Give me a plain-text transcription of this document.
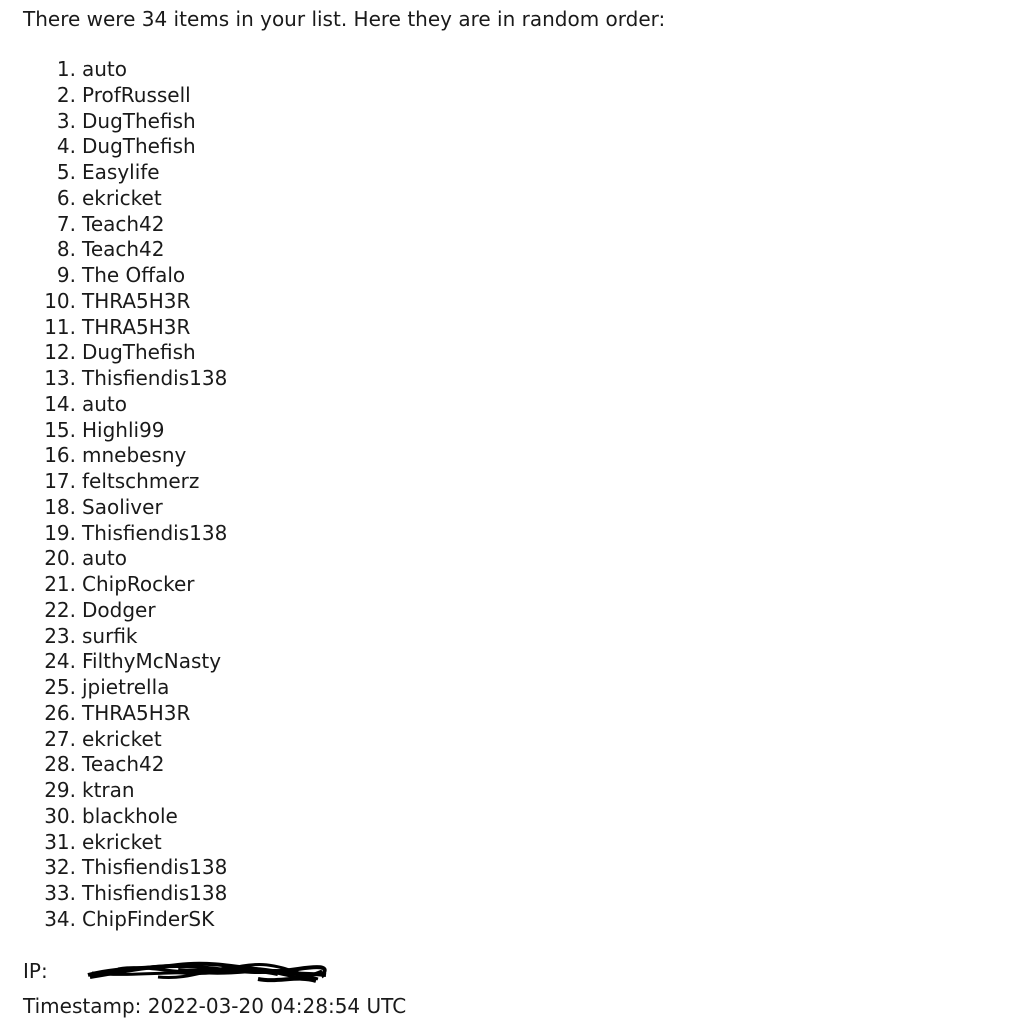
There were 34 items in your list. Here they are in random order:
1. auto
2. ProfRussell
3. DugThefish
4. DugThefish
5. Easylife
6. ekricket
7. Teach42
8. Teach42
9. The Offalo
10. THRA5H3R
11. THRA5H3R
12. DugThefish
13. Thisfiendis138
14. auto
15. Highli99
16. mnebesny
17. feltschmerz
18. Saoliver
19. Thisfiendis138
20. auto
21. ChipRocker
22. Dodger
23. surfik
24. FilthyMcNasty
25. jpietrella
26. THRA5H3R
27. ekricket
28. Teach42
29. ktran
30. blackhole
31. ekricket
32. Thisfiendis138
33. Thisfiendis138
34. ChipFinderSK
IP:
Timestamp: 2022-03-20 04:28:54 UTC
